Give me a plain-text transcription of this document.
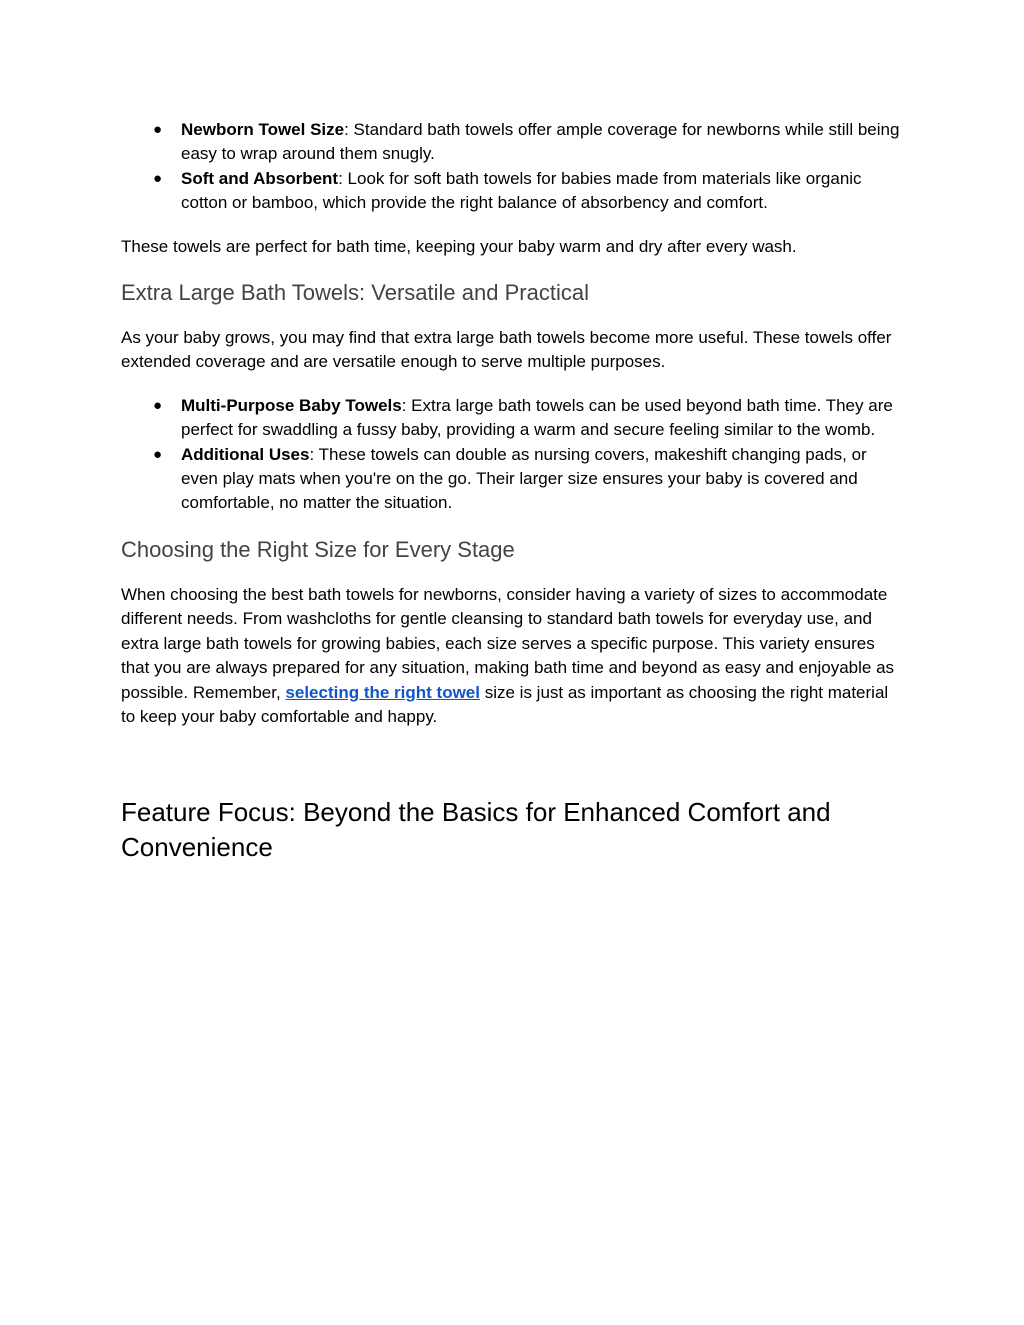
● Newborn Towel Size: Standard bath towels offer ample coverage for newborns while still being easy to wrap around them snugly.
● Soft and Absorbent: Look for soft bath towels for babies made from materials like organic cotton or bamboo, which provide the right balance of absorbency and comfort.

These towels are perfect for bath time, keeping your baby warm and dry after every wash.

Extra Large Bath Towels: Versatile and Practical

As your baby grows, you may find that extra large bath towels become more useful. These towels offer extended coverage and are versatile enough to serve multiple purposes.

● Multi-Purpose Baby Towels: Extra large bath towels can be used beyond bath time. They are perfect for swaddling a fussy baby, providing a warm and secure feeling similar to the womb.
● Additional Uses: These towels can double as nursing covers, makeshift changing pads, or even play mats when you're on the go. Their larger size ensures your baby is covered and comfortable, no matter the situation.
Choosing the Right Size for Every Stage

When choosing the best bath towels for newborns, consider having a variety of sizes to accommodate different needs. From washcloths for gentle cleansing to standard bath towels for everyday use, and extra large bath towels for growing babies, each size serves a specific purpose. This variety ensures that you are always prepared for any situation, making bath time and beyond as easy and enjoyable as possible. Remember, selecting the right towel size is just as important as choosing the right material to keep your baby comfortable and happy.

Feature Focus: Beyond the Basics for Enhanced Comfort and Convenience
